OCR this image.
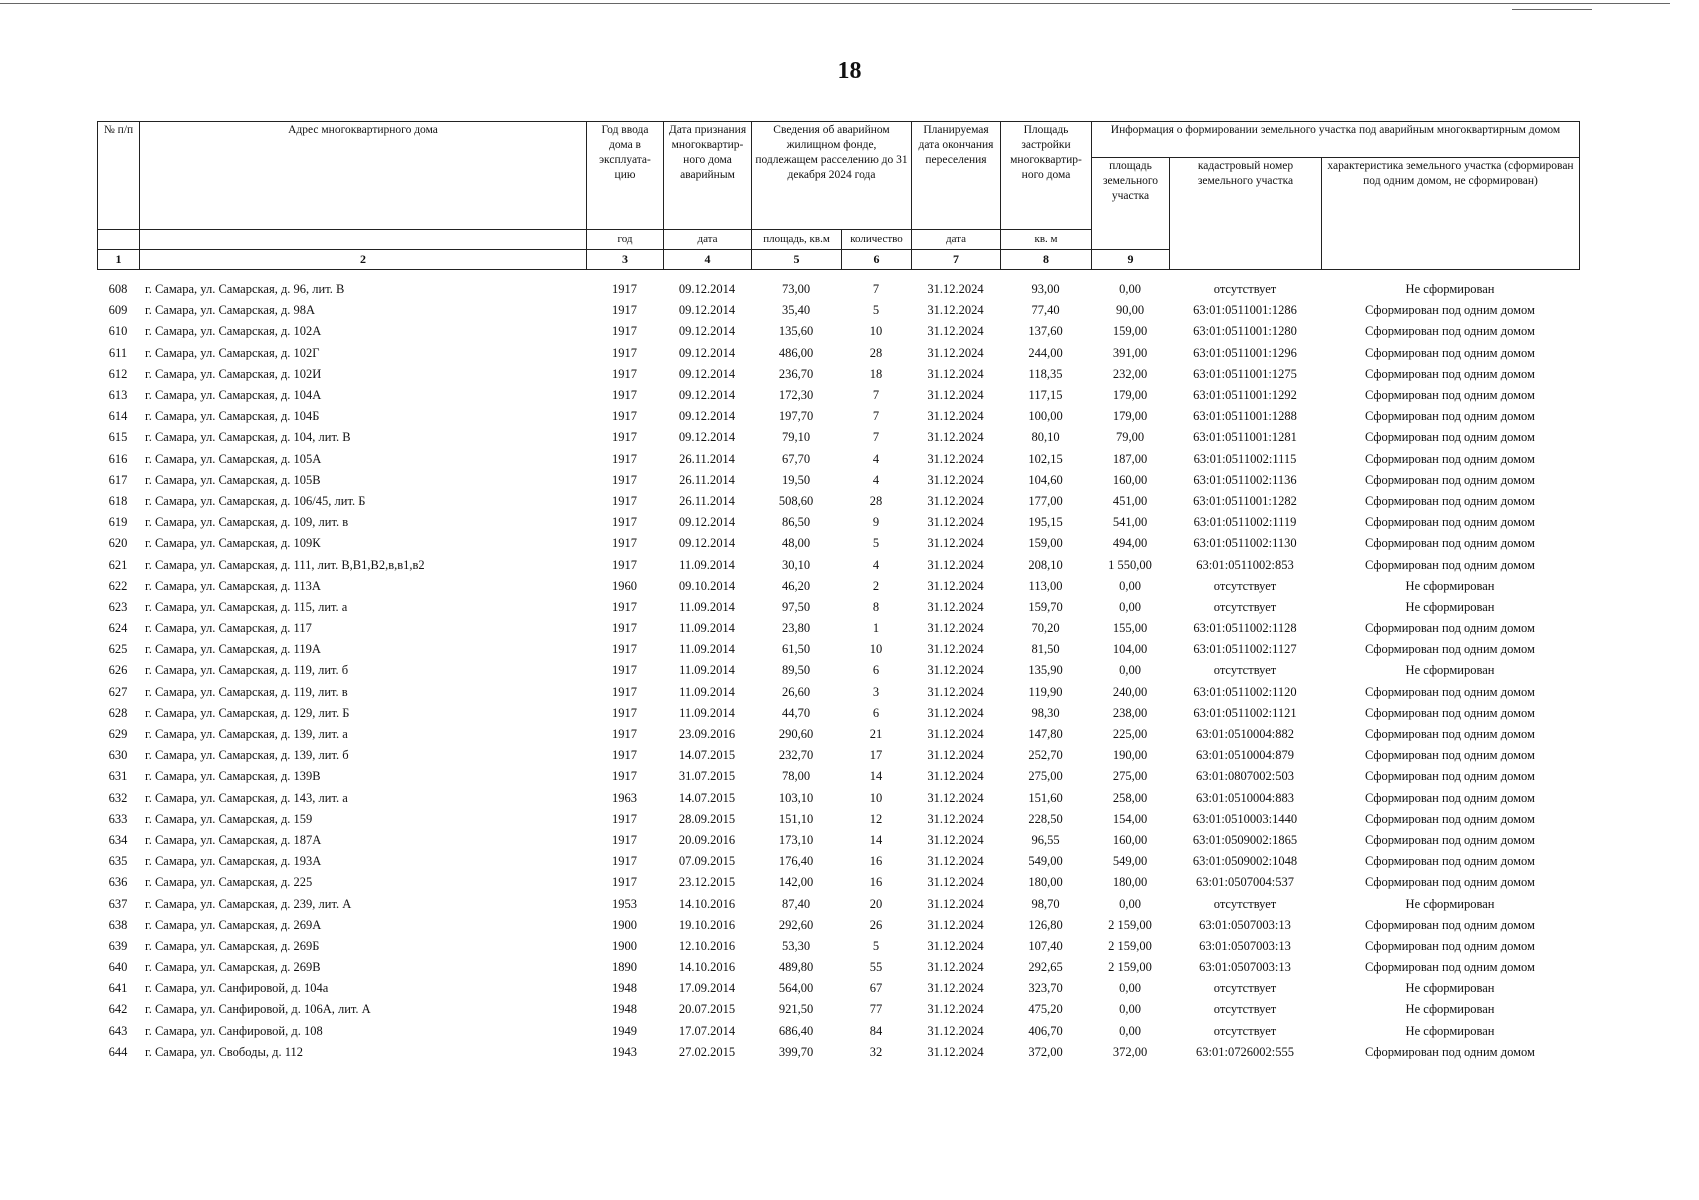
18
№ п/п	Адрес многоквартирного дома	Год ввода дома в эксплуата- цию	Дата признания многоквартир- ного дома аварийным	Сведения об аварийном жилищном фонде, подлежащем расселению до 31 декабря 2024 года		Планируемая дата окончания переселения	Площадь застройки многоквартир- ного дома	Информация о формировании земельного участка под аварийным многоквартирным домом			
								площадь земельного участка	кадастровый номер земельного участка	характеристика земельного участка (сформирован под одним домом, не сформирован)	
		год	дата	площадь, кв.м	количество	дата	кв. м				
1	2	3	4	5	6	7	8	9		
608	г. Самара, ул. Самарская, д. 96, лит. В	1917	09.12.2014	73,00	7	31.12.2024	93,00	0,00	отсутствует	Не сформирован
609	г. Самара, ул. Самарская, д. 98А	1917	09.12.2014	35,40	5	31.12.2024	77,40	90,00	63:01:0511001:1286	Сформирован под одним домом
610	г. Самара, ул. Самарская, д. 102А	1917	09.12.2014	135,60	10	31.12.2024	137,60	159,00	63:01:0511001:1280	Сформирован под одним домом
611	г. Самара, ул. Самарская, д. 102Г	1917	09.12.2014	486,00	28	31.12.2024	244,00	391,00	63:01:0511001:1296	Сформирован под одним домом
612	г. Самара, ул. Самарская, д. 102И	1917	09.12.2014	236,70	18	31.12.2024	118,35	232,00	63:01:0511001:1275	Сформирован под одним домом
613	г. Самара, ул. Самарская, д. 104А	1917	09.12.2014	172,30	7	31.12.2024	117,15	179,00	63:01:0511001:1292	Сформирован под одним домом
614	г. Самара, ул. Самарская, д. 104Б	1917	09.12.2014	197,70	7	31.12.2024	100,00	179,00	63:01:0511001:1288	Сформирован под одним домом
615	г. Самара, ул. Самарская, д. 104, лит. В	1917	09.12.2014	79,10	7	31.12.2024	80,10	79,00	63:01:0511001:1281	Сформирован под одним домом
616	г. Самара, ул. Самарская, д. 105А	1917	26.11.2014	67,70	4	31.12.2024	102,15	187,00	63:01:0511002:1115	Сформирован под одним домом
617	г. Самара, ул. Самарская, д. 105В	1917	26.11.2014	19,50	4	31.12.2024	104,60	160,00	63:01:0511002:1136	Сформирован под одним домом
618	г. Самара, ул. Самарская, д. 106/45, лит. Б	1917	26.11.2014	508,60	28	31.12.2024	177,00	451,00	63:01:0511001:1282	Сформирован под одним домом
619	г. Самара, ул. Самарская, д. 109, лит. в	1917	09.12.2014	86,50	9	31.12.2024	195,15	541,00	63:01:0511002:1119	Сформирован под одним домом
620	г. Самара, ул. Самарская, д. 109К	1917	09.12.2014	48,00	5	31.12.2024	159,00	494,00	63:01:0511002:1130	Сформирован под одним домом
621	г. Самара, ул. Самарская, д. 111, лит. В,В1,В2,в,в1,в2	1917	11.09.2014	30,10	4	31.12.2024	208,10	1 550,00	63:01:0511002:853	Сформирован под одним домом
622	г. Самара, ул. Самарская, д. 113А	1960	09.10.2014	46,20	2	31.12.2024	113,00	0,00	отсутствует	Не сформирован
623	г. Самара, ул. Самарская, д. 115, лит. а	1917	11.09.2014	97,50	8	31.12.2024	159,70	0,00	отсутствует	Не сформирован
624	г. Самара, ул. Самарская, д. 117	1917	11.09.2014	23,80	1	31.12.2024	70,20	155,00	63:01:0511002:1128	Сформирован под одним домом
625	г. Самара, ул. Самарская, д. 119А	1917	11.09.2014	61,50	10	31.12.2024	81,50	104,00	63:01:0511002:1127	Сформирован под одним домом
626	г. Самара, ул. Самарская, д. 119, лит. б	1917	11.09.2014	89,50	6	31.12.2024	135,90	0,00	отсутствует	Не сформирован
627	г. Самара, ул. Самарская, д. 119, лит. в	1917	11.09.2014	26,60	3	31.12.2024	119,90	240,00	63:01:0511002:1120	Сформирован под одним домом
628	г. Самара, ул. Самарская, д. 129, лит. Б	1917	11.09.2014	44,70	6	31.12.2024	98,30	238,00	63:01:0511002:1121	Сформирован под одним домом
629	г. Самара, ул. Самарская, д. 139, лит. а	1917	23.09.2016	290,60	21	31.12.2024	147,80	225,00	63:01:0510004:882	Сформирован под одним домом
630	г. Самара, ул. Самарская, д. 139, лит. б	1917	14.07.2015	232,70	17	31.12.2024	252,70	190,00	63:01:0510004:879	Сформирован под одним домом
631	г. Самара, ул. Самарская, д. 139В	1917	31.07.2015	78,00	14	31.12.2024	275,00	275,00	63:01:0807002:503	Сформирован под одним домом
632	г. Самара, ул. Самарская, д. 143, лит. а	1963	14.07.2015	103,10	10	31.12.2024	151,60	258,00	63:01:0510004:883	Сформирован под одним домом
633	г. Самара, ул. Самарская, д. 159	1917	28.09.2015	151,10	12	31.12.2024	228,50	154,00	63:01:0510003:1440	Сформирован под одним домом
634	г. Самара, ул. Самарская, д. 187А	1917	20.09.2016	173,10	14	31.12.2024	96,55	160,00	63:01:0509002:1865	Сформирован под одним домом
635	г. Самара, ул. Самарская, д. 193А	1917	07.09.2015	176,40	16	31.12.2024	549,00	549,00	63:01:0509002:1048	Сформирован под одним домом
636	г. Самара, ул. Самарская, д. 225	1917	23.12.2015	142,00	16	31.12.2024	180,00	180,00	63:01:0507004:537	Сформирован под одним домом
637	г. Самара, ул. Самарская, д. 239, лит. А	1953	14.10.2016	87,40	20	31.12.2024	98,70	0,00	отсутствует	Не сформирован
638	г. Самара, ул. Самарская, д. 269А	1900	19.10.2016	292,60	26	31.12.2024	126,80	2 159,00	63:01:0507003:13	Сформирован под одним домом
639	г. Самара, ул. Самарская, д. 269Б	1900	12.10.2016	53,30	5	31.12.2024	107,40	2 159,00	63:01:0507003:13	Сформирован под одним домом
640	г. Самара, ул. Самарская, д. 269В	1890	14.10.2016	489,80	55	31.12.2024	292,65	2 159,00	63:01:0507003:13	Сформирован под одним домом
641	г. Самара, ул. Санфировой, д. 104а	1948	17.09.2014	564,00	67	31.12.2024	323,70	0,00	отсутствует	Не сформирован
642	г. Самара, ул. Санфировой, д. 106А, лит. А	1948	20.07.2015	921,50	77	31.12.2024	475,20	0,00	отсутствует	Не сформирован
643	г. Самара, ул. Санфировой, д. 108	1949	17.07.2014	686,40	84	31.12.2024	406,70	0,00	отсутствует	Не сформирован
644	г. Самара, ул. Свободы, д. 112	1943	27.02.2015	399,70	32	31.12.2024	372,00	372,00	63:01:0726002:555	Сформирован под одним домом
